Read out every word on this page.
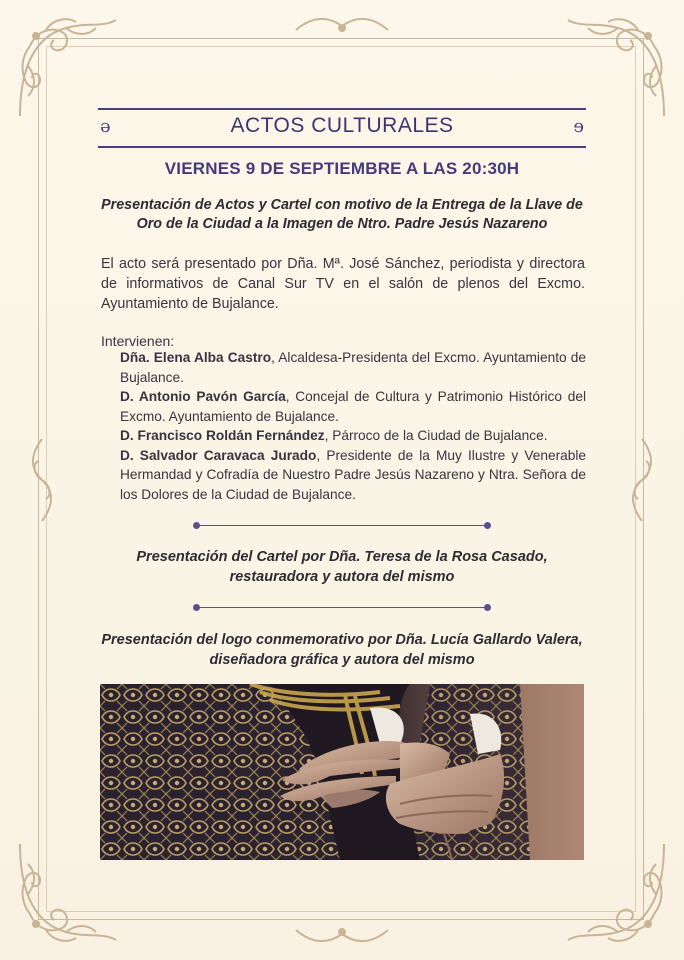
ə	ɘ
ACTOS CULTURALES
VIERNES 9 DE SEPTIEMBRE A LAS 20:30H
Presentación de Actos y Cartel con motivo de la Entrega de la Llave de Oro de la Ciudad a la Imagen de Ntro. Padre Jesús Nazareno
El acto será presentado por Dña. Mª. José Sánchez, periodista y directora de informativos de Canal Sur TV en el salón de plenos del Excmo. Ayuntamiento de Bujalance.
Intervienen:

Dña. Elena Alba Castro, Alcaldesa-Presidenta del Excmo. Ayuntamiento de Bujalance.

D. Antonio Pavón García, Concejal de Cultura y Patrimonio Histórico del Excmo. Ayuntamiento de Bujalance.

D. Francisco Roldán Fernández, Párroco de la Ciudad de Bujalance.

D. Salvador Caravaca Jurado, Presidente de la Muy Ilustre y Venerable Hermandad y Cofradía de Nuestro Padre Jesús Nazareno y Ntra. Señora de los Dolores de la Ciudad de Bujalance.

Presentación del Cartel por Dña. Teresa de la Rosa Casado, restauradora y autora del mismo
Presentación del logo conmemorativo por Dña. Lucía Gallardo Valera, diseñadora gráfica y autora del mismo
